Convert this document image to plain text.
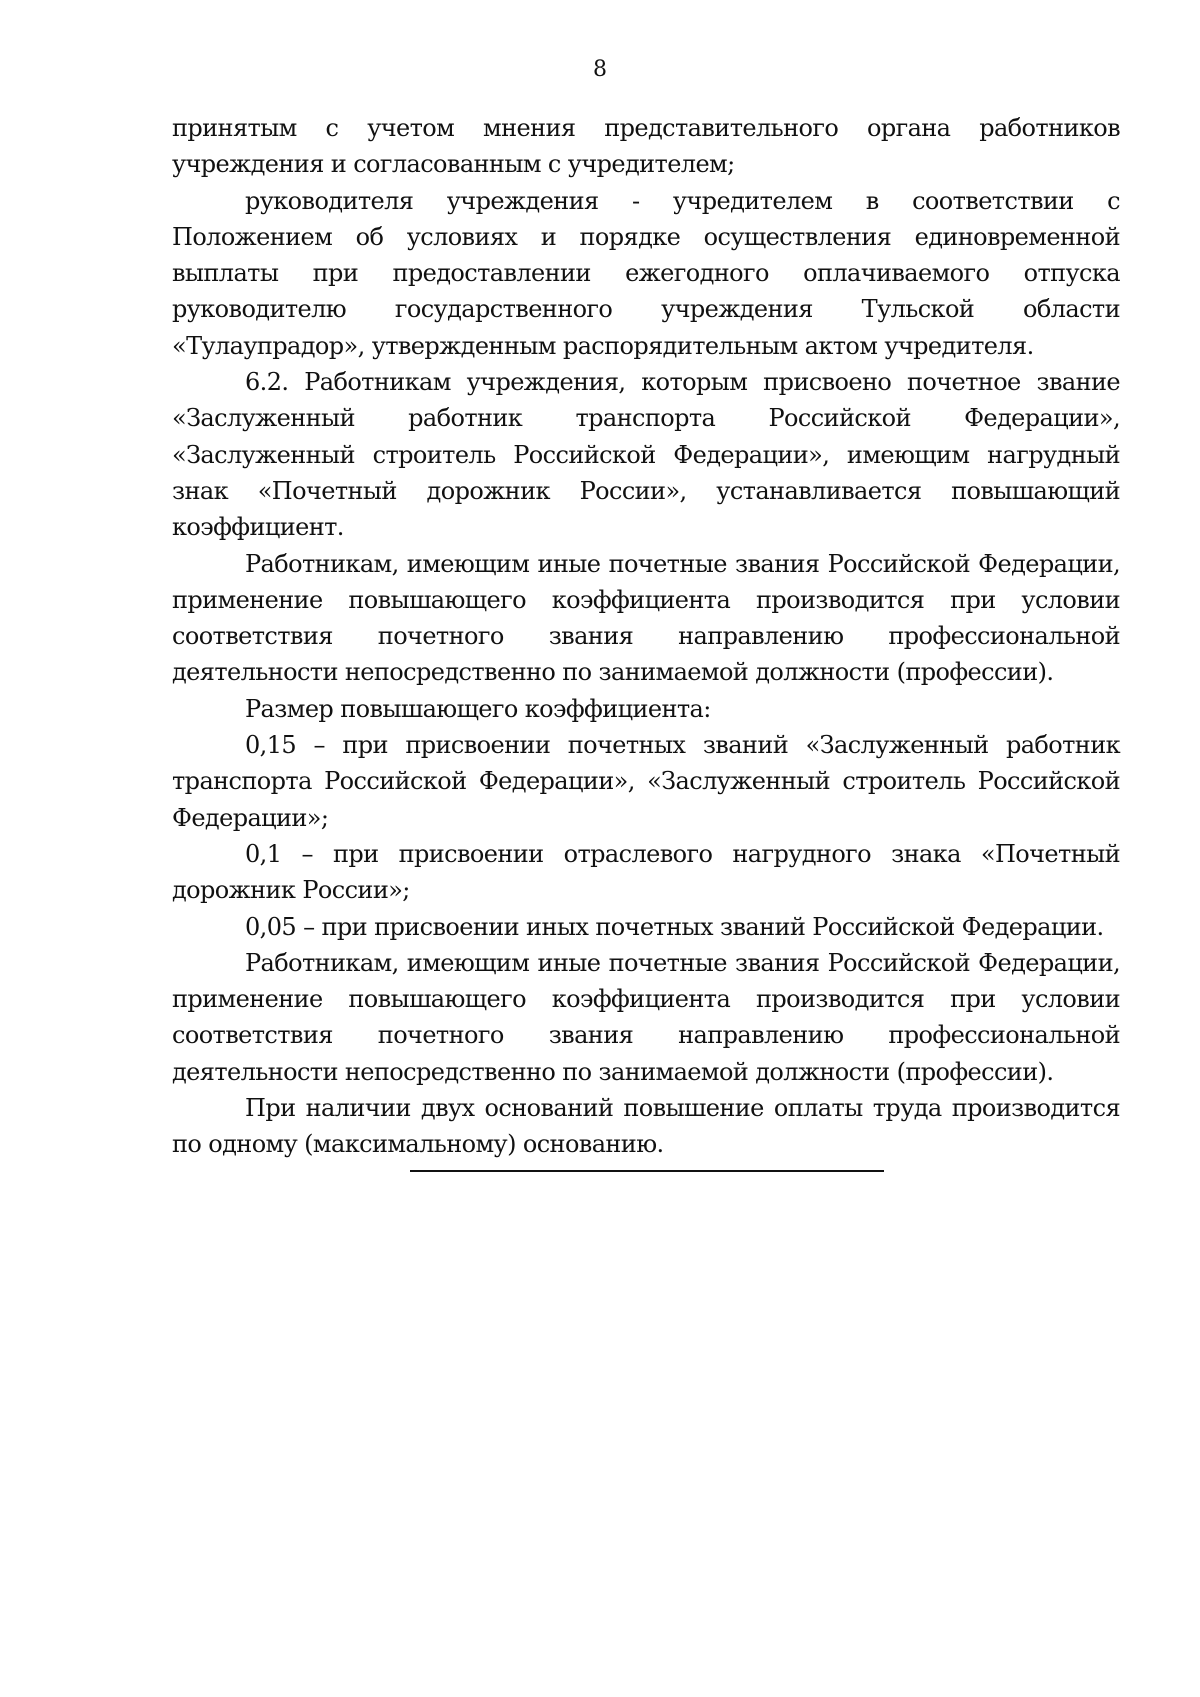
8

принятым с учетом мнения представительного органа работников учреждения и согласованным с учредителем;

руководителя учреждения - учредителем в соответствии с Положением об условиях и порядке осуществления единовременной выплаты при предоставлении ежегодного оплачиваемого отпуска руководителю государственного учреждения Тульской области «Тулаупрадор», утвержденным распорядительным актом учредителя.

6.2. Работникам учреждения, которым присвоено почетное звание «Заслуженный работник транспорта Российской Федерации», «Заслуженный строитель Российской Федерации», имеющим нагрудный знак «Почетный дорожник России», устанавливается повышающий коэффициент.

Работникам, имеющим иные почетные звания Российской Федерации, применение повышающего коэффициента производится при условии соответствия почетного звания направлению профессиональной деятельности непосредственно по занимаемой должности (профессии).

Размер повышающего коэффициента:

0,15 – при присвоении почетных званий «Заслуженный работник транспорта Российской Федерации», «Заслуженный строитель Российской Федерации»;

0,1 – при присвоении отраслевого нагрудного знака «Почетный дорожник России»;

0,05 – при присвоении иных почетных званий Российской Федерации.

Работникам, имеющим иные почетные звания Российской Федерации, применение повышающего коэффициента производится при условии соответствия почетного звания направлению профессиональной деятельности непосредственно по занимаемой должности (профессии).

При наличии двух оснований повышение оплаты труда производится по одному (максимальному) основанию.
